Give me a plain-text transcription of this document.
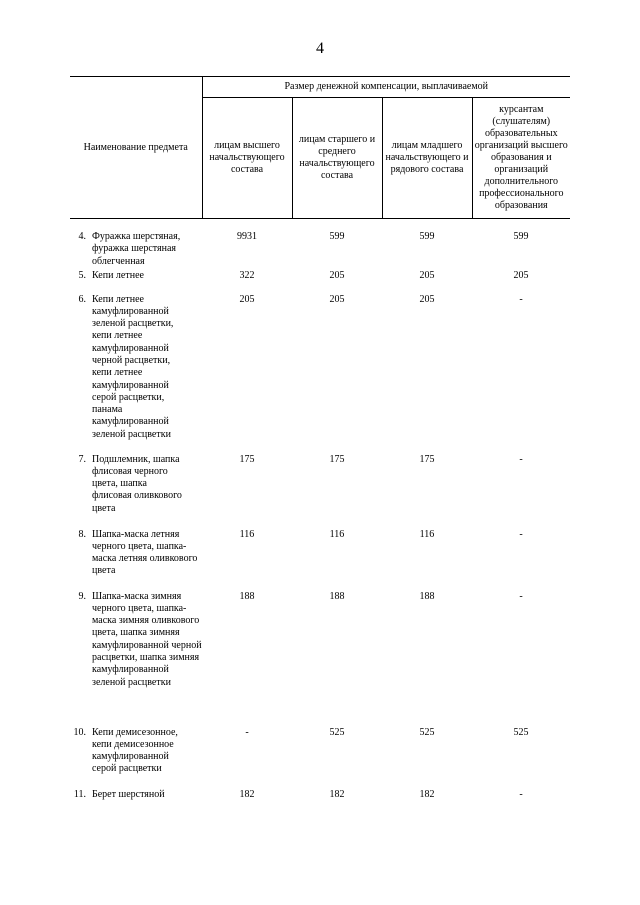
4
Наименование предмета	Размер денежной компенсации, выплачиваемой			
	лицам высшего начальствующего состава	лицам старшего и среднего начальствующего состава	лицам младшего начальствующего и рядового состава	курсантам (слушателям) образовательных организаций высшего образования и организаций дополнительного профессионального образования

4. Фуражка шерстяная, фуражка шерстяная облегченная	9931	599	599	599

5. Кепи летнее	322	205	205	205

6. Кепи летнее камуфлированной зеленой расцветки, кепи летнее камуфлированной черной расцветки, кепи летнее камуфлированной серой расцветки, панама камуфлированной зеленой расцветки	205	205	205	-

7. Подшлемник, шапка флисовая черного цвета, шапка флисовая оливкового цвета	175	175	175	-

8. Шапка-маска летняя черного цвета, шапка-маска летняя оливкового цвета	116	116	116	-

9. Шапка-маска зимняя черного цвета, шапка-маска зимняя оливкового цвета, шапка зимняя камуфлированной черной расцветки, шапка зимняя камуфлированной зеленой расцветки	188	188	188	-

10. Кепи демисезонное, кепи демисезонное камуфлированной серой расцветки	-	525	525	525

11. Берет шерстяной	182	182	182	-
